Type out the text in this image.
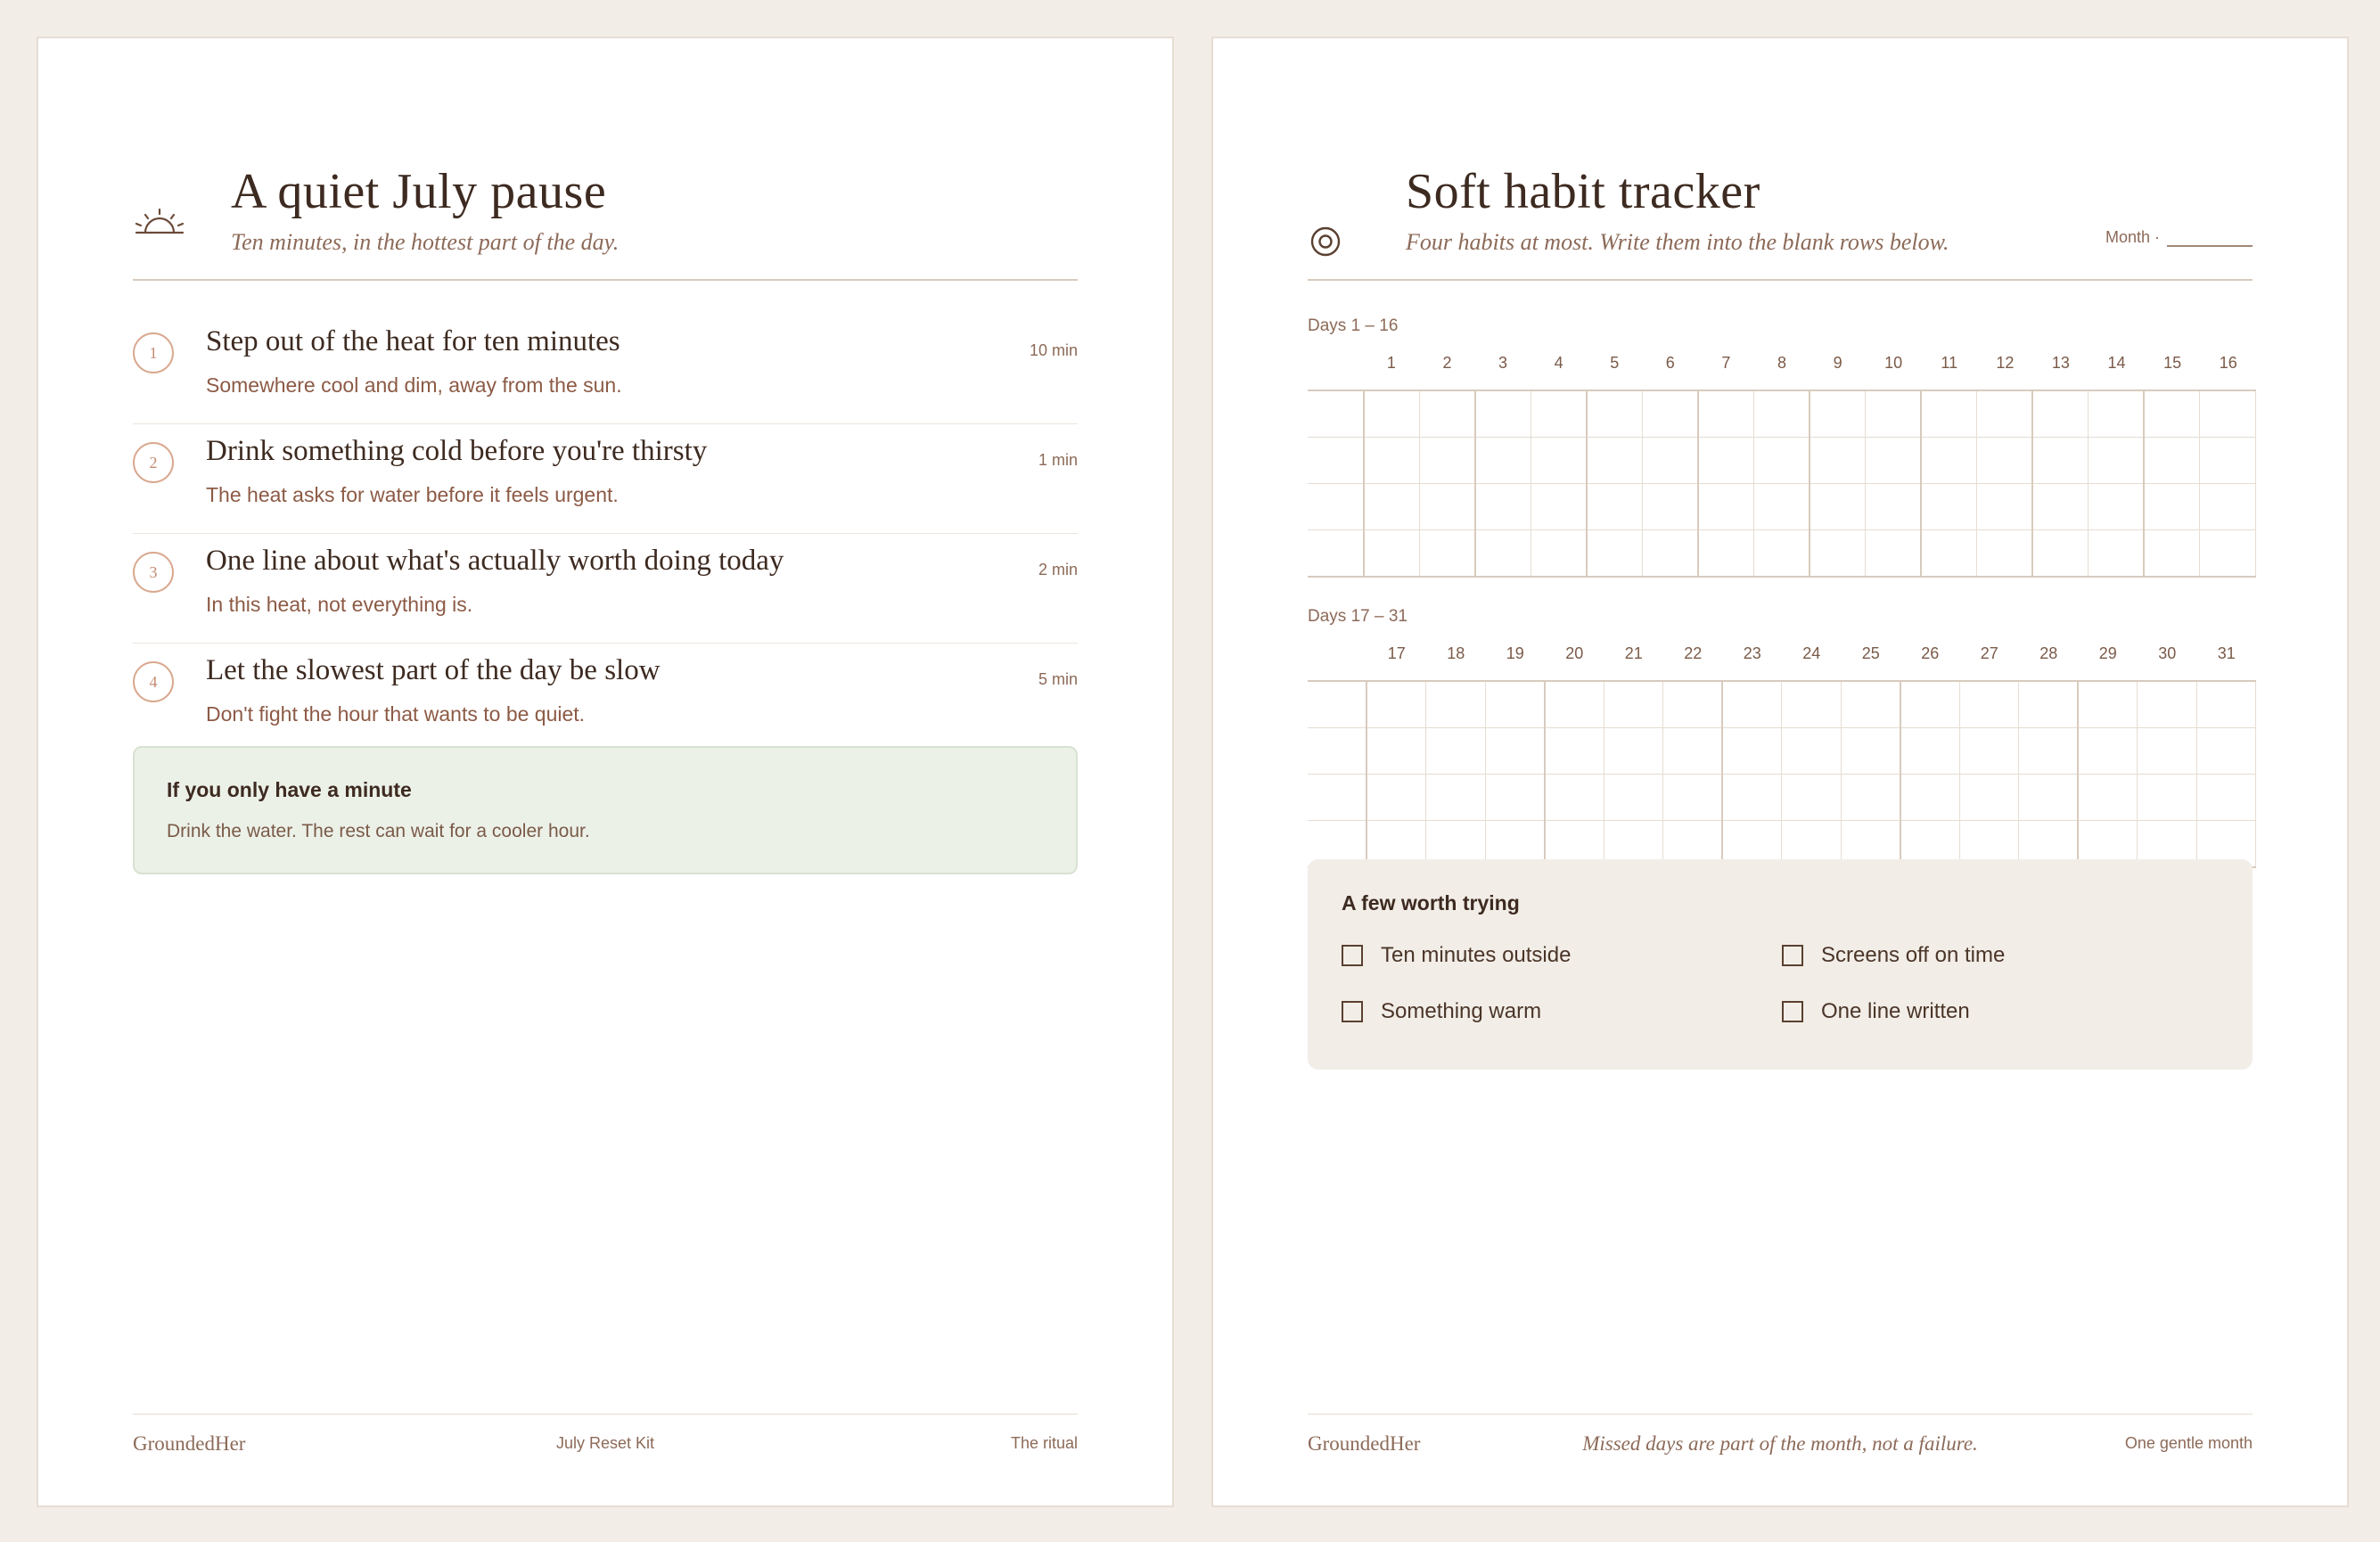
A quiet July pause
Ten minutes, in the hottest part of the day.
1	Step out of the heat for ten minutes
Somewhere cool and dim, away from the sun.
10 min
2	Drink something cold before you're thirsty
The heat asks for water before it feels urgent.
1 min
3	One line about what's actually worth doing today
In this heat, not everything is.
2 min
4	Let the slowest part of the day be slow
Don't fight the hour that wants to be quiet.
5 min
If you only have a minute
Drink the water. The rest can wait for a cooler hour.
GroundedHer	July Reset Kit	The ritual
Soft habit tracker
Four habits at most. Write them into the blank rows below.	Month ·
Days 1 – 16
1	2	3	4	5	6	7	8	9	10 11 12 13 14 15 16

Days 17 – 31
17	18	19	20	21	22	23	24	25	26	27	28	29	30	31

A few worth trying
Ten minutes outside	Screens off on time
Something warm	One line written
GroundedHer	Missed days are part of the month, not a failure.	One gentle month
